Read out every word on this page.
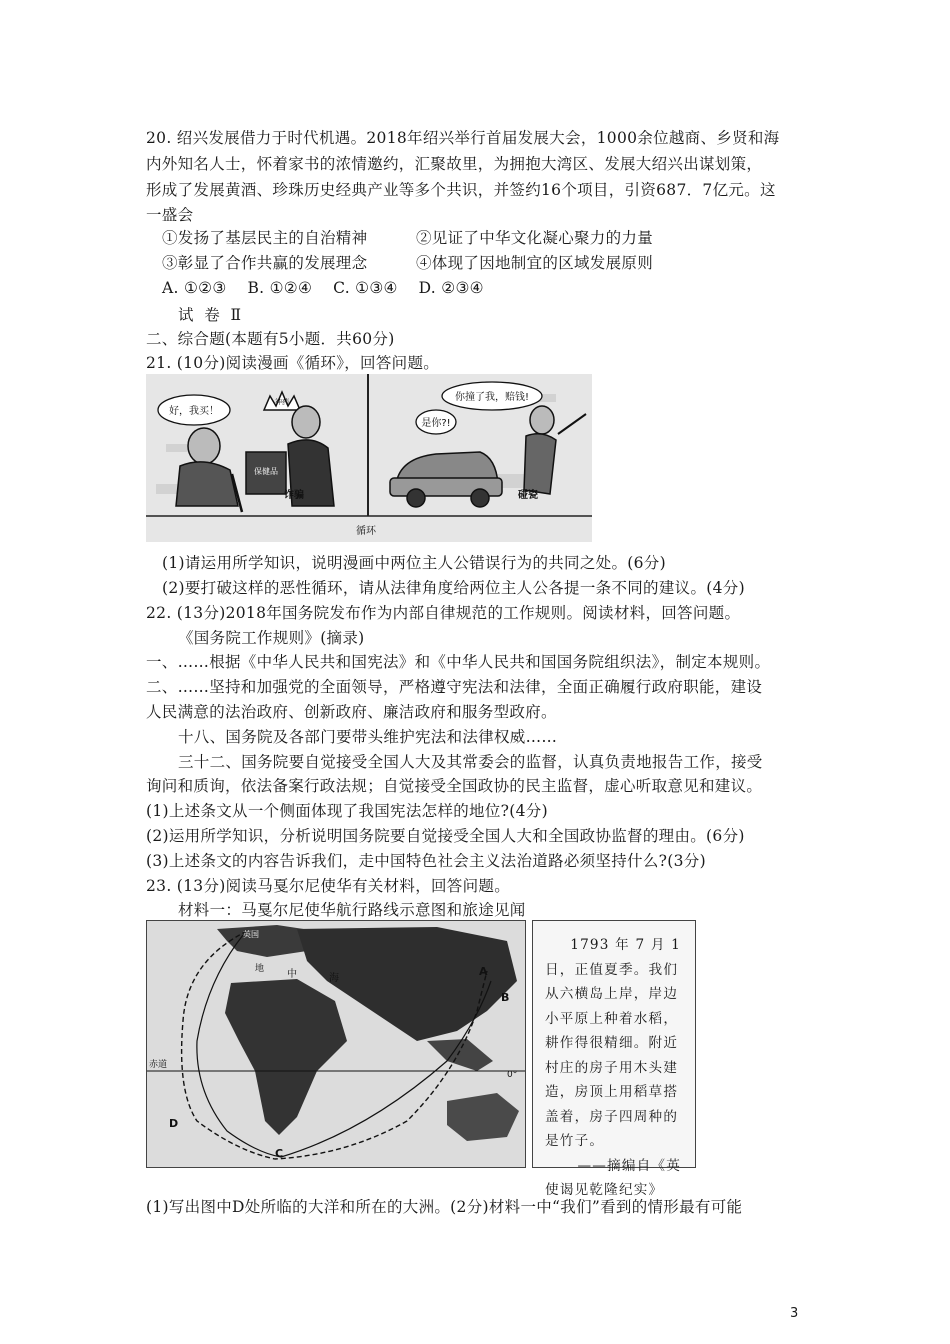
20. 绍兴发展借力于时代机遇。2018年绍兴举行首届发展大会，1000余位越商、乡贤和海
内外知名人士，怀着家书的浓情邀约，汇聚故里，为拥抱大湾区、发展大绍兴出谋划策，
形成了发展黄酒、珍珠历史经典产业等多个共识，并签约16个项目，引资687．7亿元。这
一盛会
①发扬了基层民主的自治精神	②见证了中华文化凝心聚力的力量
③彰显了合作共赢的发展理念	④体现了因地制宜的区域发展原则
A. ①②③    B. ①②④    C. ①③④    D. ②③④
试  卷  Ⅱ
二、综合题(本题有5小题．共60分)
21. (10分)阅读漫画《循环》，回答问题。
好，我买！
神药
保健品
诈骗
是你?!
你撞了我，赔钱!
碰瓷
循环
(1)请运用所学知识，说明漫画中两位主人公错误行为的共同之处。(6分)
(2)要打破这样的恶性循环，请从法律角度给两位主人公各提一条不同的建议。(4分)
22. (13分)2018年国务院发布作为内部自律规范的工作规则。阅读材料，回答问题。
《国务院工作规则》(摘录)
一、……根据《中华人民共和国宪法》和《中华人民共和国国务院组织法》，制定本规则。
二、……坚持和加强党的全面领导，严格遵守宪法和法律，全面正确履行政府职能，建设
人民满意的法治政府、创新政府、廉洁政府和服务型政府。
十八、国务院及各部门要带头维护宪法和法律权威……
三十二、国务院要自觉接受全国人大及其常委会的监督，认真负责地报告工作，接受
询问和质询，依法备案行政法规；自觉接受全国政协的民主监督，虚心听取意见和建议。
(1)上述条文从一个侧面体现了我国宪法怎样的地位?(4分)
(2)运用所学知识，分析说明国务院要自觉接受全国人大和全国政协监督的理由。(6分)
(3)上述条文的内容告诉我们，走中国特色社会主义法治道路必须坚持什么?(3分)
23. (13分)阅读马戛尔尼使华有关材料，回答问题。
材料一：马戛尔尼使华航行路线示意图和旅途见闻
英国
地 中	海
A
B
C
D
赤道
0°
1793 年 7 月 1
日，正值夏季。我们
从六横岛上岸，岸边
小平原上种着水稻，
耕作得很精细。附近
村庄的房子用木头建
造，房顶上用稻草搭
盖着，房子四周种的
是竹子。
——摘编自《英
使谒见乾隆纪实》
(1)写出图中D处所临的大洋和所在的大洲。(2分)材料一中“我们”看到的情形最有可能
3
